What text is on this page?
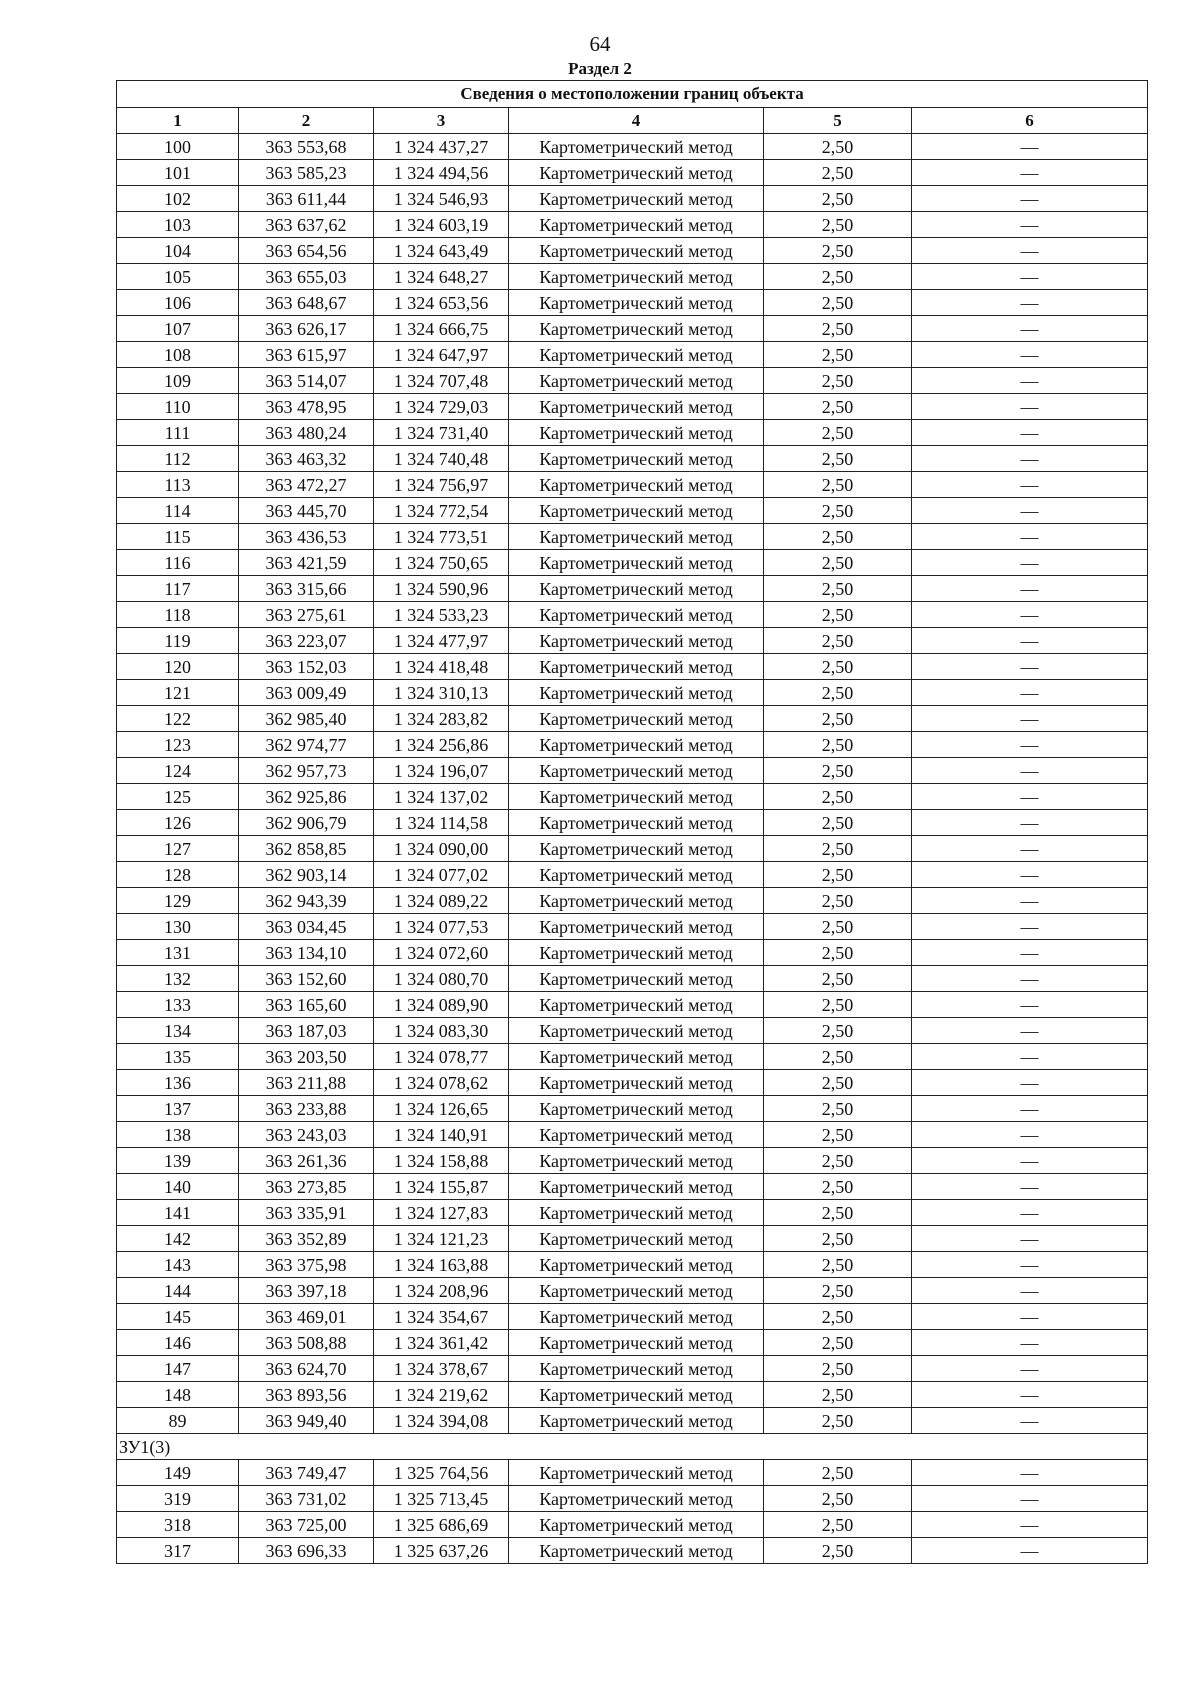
64
Раздел 2
Сведения о местоположении границ объекта					
1	2	3	4	5	6
100	363 553,68	1 324 437,27	Картометрический метод	2,50	—
101	363 585,23	1 324 494,56	Картометрический метод	2,50	—
102	363 611,44	1 324 546,93	Картометрический метод	2,50	—
103	363 637,62	1 324 603,19	Картометрический метод	2,50	—
104	363 654,56	1 324 643,49	Картометрический метод	2,50	—
105	363 655,03	1 324 648,27	Картометрический метод	2,50	—
106	363 648,67	1 324 653,56	Картометрический метод	2,50	—
107	363 626,17	1 324 666,75	Картометрический метод	2,50	—
108	363 615,97	1 324 647,97	Картометрический метод	2,50	—
109	363 514,07	1 324 707,48	Картометрический метод	2,50	—
110	363 478,95	1 324 729,03	Картометрический метод	2,50	—
111	363 480,24	1 324 731,40	Картометрический метод	2,50	—
112	363 463,32	1 324 740,48	Картометрический метод	2,50	—
113	363 472,27	1 324 756,97	Картометрический метод	2,50	—
114	363 445,70	1 324 772,54	Картометрический метод	2,50	—
115	363 436,53	1 324 773,51	Картометрический метод	2,50	—
116	363 421,59	1 324 750,65	Картометрический метод	2,50	—
117	363 315,66	1 324 590,96	Картометрический метод	2,50	—
118	363 275,61	1 324 533,23	Картометрический метод	2,50	—
119	363 223,07	1 324 477,97	Картометрический метод	2,50	—
120	363 152,03	1 324 418,48	Картометрический метод	2,50	—
121	363 009,49	1 324 310,13	Картометрический метод	2,50	—
122	362 985,40	1 324 283,82	Картометрический метод	2,50	—
123	362 974,77	1 324 256,86	Картометрический метод	2,50	—
124	362 957,73	1 324 196,07	Картометрический метод	2,50	—
125	362 925,86	1 324 137,02	Картометрический метод	2,50	—
126	362 906,79	1 324 114,58	Картометрический метод	2,50	—
127	362 858,85	1 324 090,00	Картометрический метод	2,50	—
128	362 903,14	1 324 077,02	Картометрический метод	2,50	—
129	362 943,39	1 324 089,22	Картометрический метод	2,50	—
130	363 034,45	1 324 077,53	Картометрический метод	2,50	—
131	363 134,10	1 324 072,60	Картометрический метод	2,50	—
132	363 152,60	1 324 080,70	Картометрический метод	2,50	—
133	363 165,60	1 324 089,90	Картометрический метод	2,50	—
134	363 187,03	1 324 083,30	Картометрический метод	2,50	—
135	363 203,50	1 324 078,77	Картометрический метод	2,50	—
136	363 211,88	1 324 078,62	Картометрический метод	2,50	—
137	363 233,88	1 324 126,65	Картометрический метод	2,50	—
138	363 243,03	1 324 140,91	Картометрический метод	2,50	—
139	363 261,36	1 324 158,88	Картометрический метод	2,50	—
140	363 273,85	1 324 155,87	Картометрический метод	2,50	—
141	363 335,91	1 324 127,83	Картометрический метод	2,50	—
142	363 352,89	1 324 121,23	Картометрический метод	2,50	—
143	363 375,98	1 324 163,88	Картометрический метод	2,50	—
144	363 397,18	1 324 208,96	Картометрический метод	2,50	—
145	363 469,01	1 324 354,67	Картометрический метод	2,50	—
146	363 508,88	1 324 361,42	Картометрический метод	2,50	—
147	363 624,70	1 324 378,67	Картометрический метод	2,50	—
148	363 893,56	1 324 219,62	Картометрический метод	2,50	—
89	363 949,40	1 324 394,08	Картометрический метод	2,50	—
ЗУ1(3)					
149	363 749,47	1 325 764,56	Картометрический метод	2,50	—
319	363 731,02	1 325 713,45	Картометрический метод	2,50	—
318	363 725,00	1 325 686,69	Картометрический метод	2,50	—
317	363 696,33	1 325 637,26	Картометрический метод	2,50	—
